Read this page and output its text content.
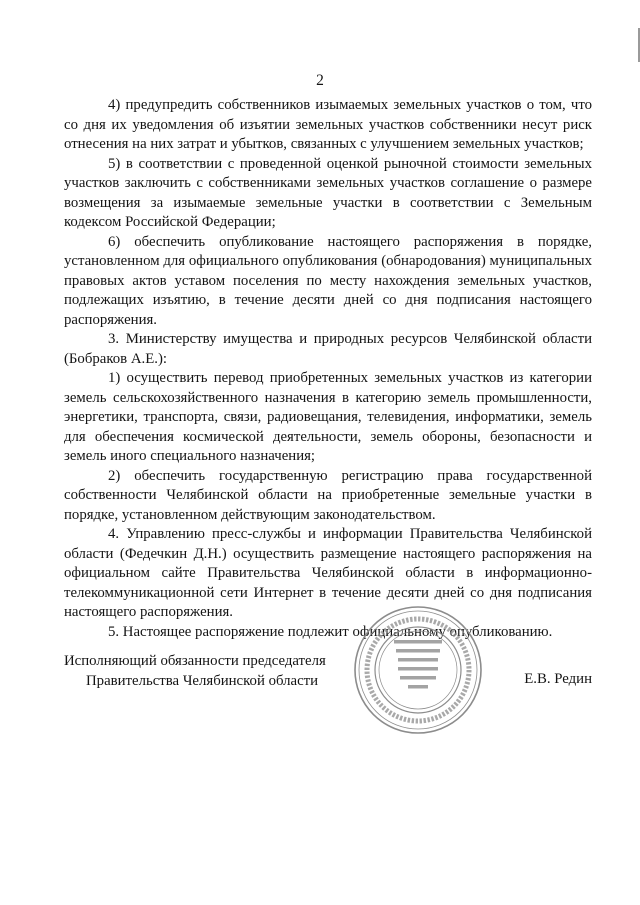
2

4) предупредить собственников изымаемых земельных участков о том, что со дня их уведомления об изъятии земельных участков собственники несут риск отнесения на них затрат и убытков, связанных с улучшением земельных участков;

5) в соответствии с проведенной оценкой рыночной стоимости земельных участков заключить с собственниками земельных участков соглашение о размере возмещения за изымаемые земельные участки в соответствии с Земельным кодексом Российской Федерации;

6) обеспечить опубликование настоящего распоряжения в порядке, установленном для официального опубликования (обнародования) муниципальных правовых актов уставом поселения по месту нахождения земельных участков, подлежащих изъятию, в течение десяти дней со дня подписания настоящего распоряжения.

3. Министерству имущества и природных ресурсов Челябинской области (Бобраков А.Е.):

1) осуществить перевод приобретенных земельных участков из категории земель сельскохозяйственного назначения в категорию земель промышленности, энергетики, транспорта, связи, радиовещания, телевидения, информатики, земель для обеспечения космической деятельности, земель обороны, безопасности и земель иного специального назначения;

2) обеспечить государственную регистрацию права государственной собственности Челябинской области на приобретенные земельные участки в порядке, установленном действующим законодательством.

4. Управлению пресс-службы и информации Правительства Челябинской области (Федечкин Д.Н.) осуществить размещение настоящего распоряжения на официальном сайте Правительства Челябинской области в информационно-телекоммуникационной сети Интернет в течение десяти дней со дня подписания настоящего распоряжения.

5. Настоящее распоряжение подлежит официальному опубликованию.

Исполняющий обязанности председателя
Правительства Челябинской области	Е.В. Редин
